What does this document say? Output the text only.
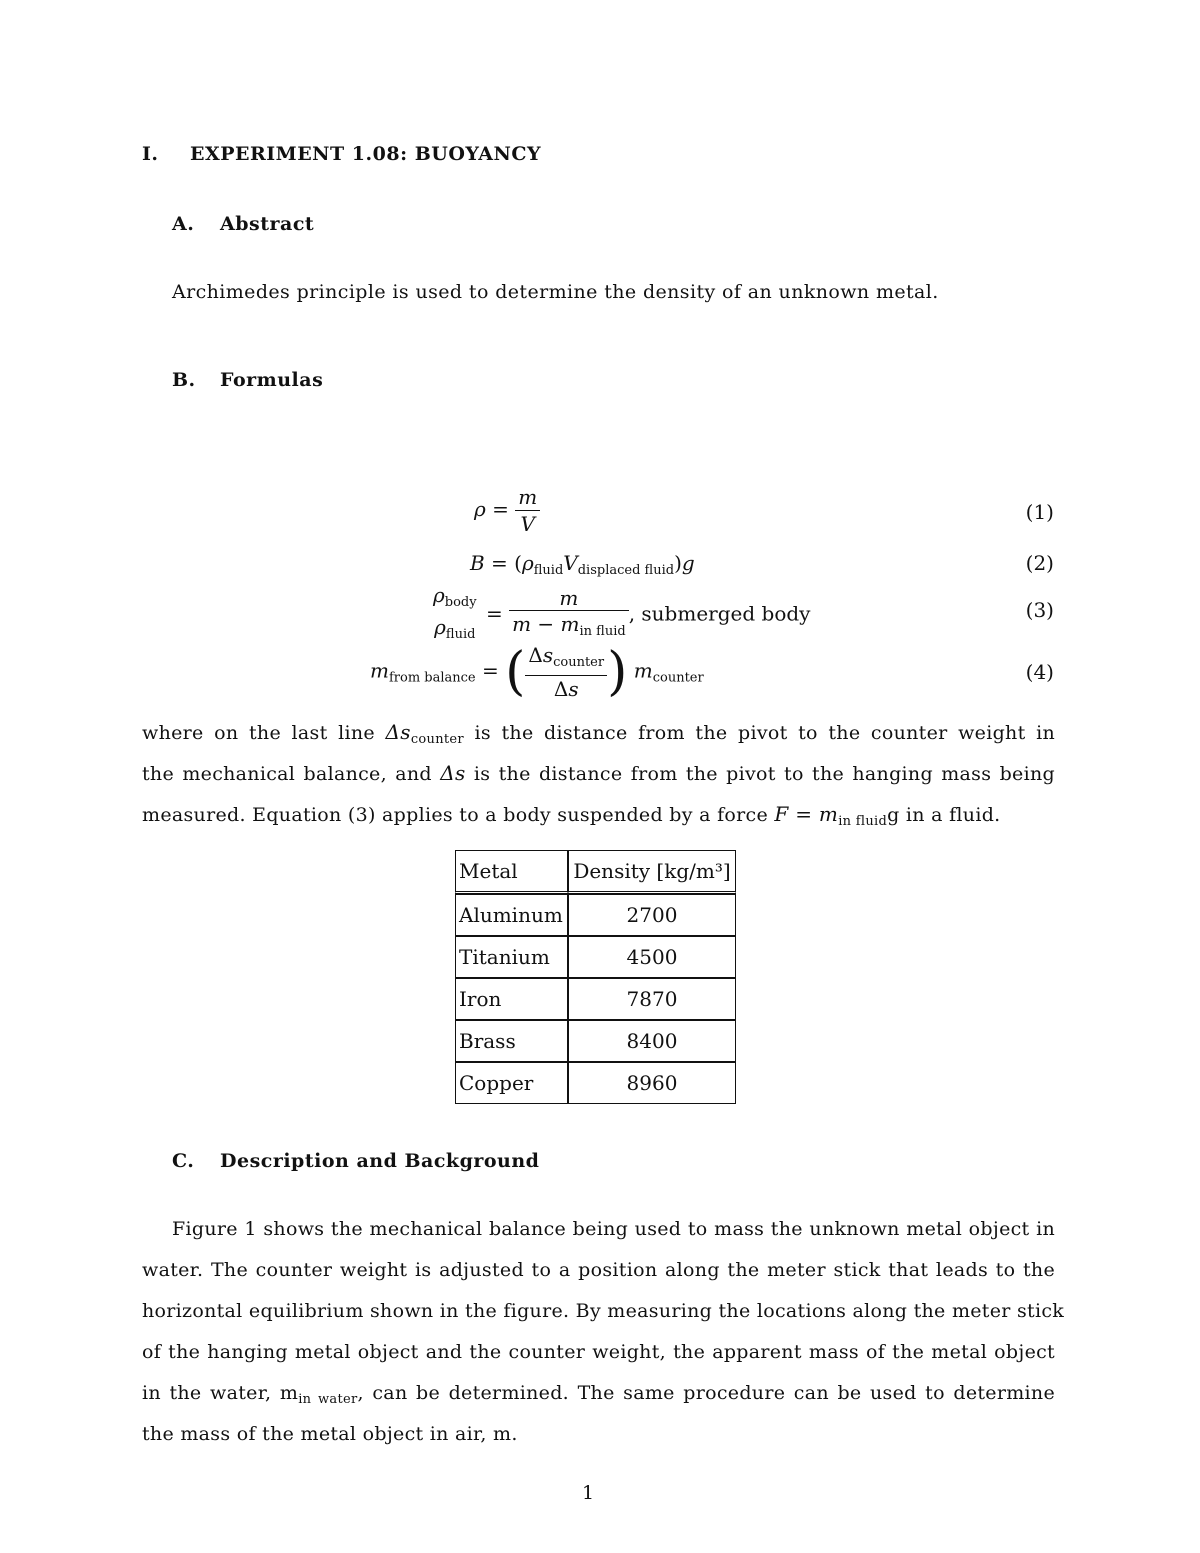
I. EXPERIMENT 1.08: BUOYANCY
A. Abstract
Archimedes principle is used to determine the density of an unknown metal.
B. Formulas
$\rho = \frac{m}{V}$	(1)
$B = (\rho_{fluid}V_{displaced fluid})g$	(2)
$\rho_{body}$
$\rho_{fluid}$
= $\frac{m}{m - m_{in fluid}}$ , submerged body	(3)
$m_{from balance}$ = ( $\frac{\Delta s_{counter}}{\Delta s}$ ) $m_{counter}$	(4)
where on the last line $\Delta s_{counter}$ is the distance from the pivot to the counter weight in
the mechanical balance, and Δs is the distance from the pivot to the hanging mass being
measured. Equation (3) applies to a body suspended by a force $F = m_{in fluid}g$ in a fluid.
Metal	Density [kg/m³]
Aluminum	2700
Titanium	4500
Iron	7870
Brass	8400
Copper	8960
C. Description and Background
Figure 1 shows the mechanical balance being used to mass the unknown metal object in
water. The counter weight is adjusted to a position along the meter stick that leads to the
horizontal equilibrium shown in the figure. By measuring the locations along the meter stick
of the hanging metal object and the counter weight, the apparent mass of the metal object
in the water, $m_{in water}$, can be determined. The same procedure can be used to determine
the mass of the metal object in air, m.
1
